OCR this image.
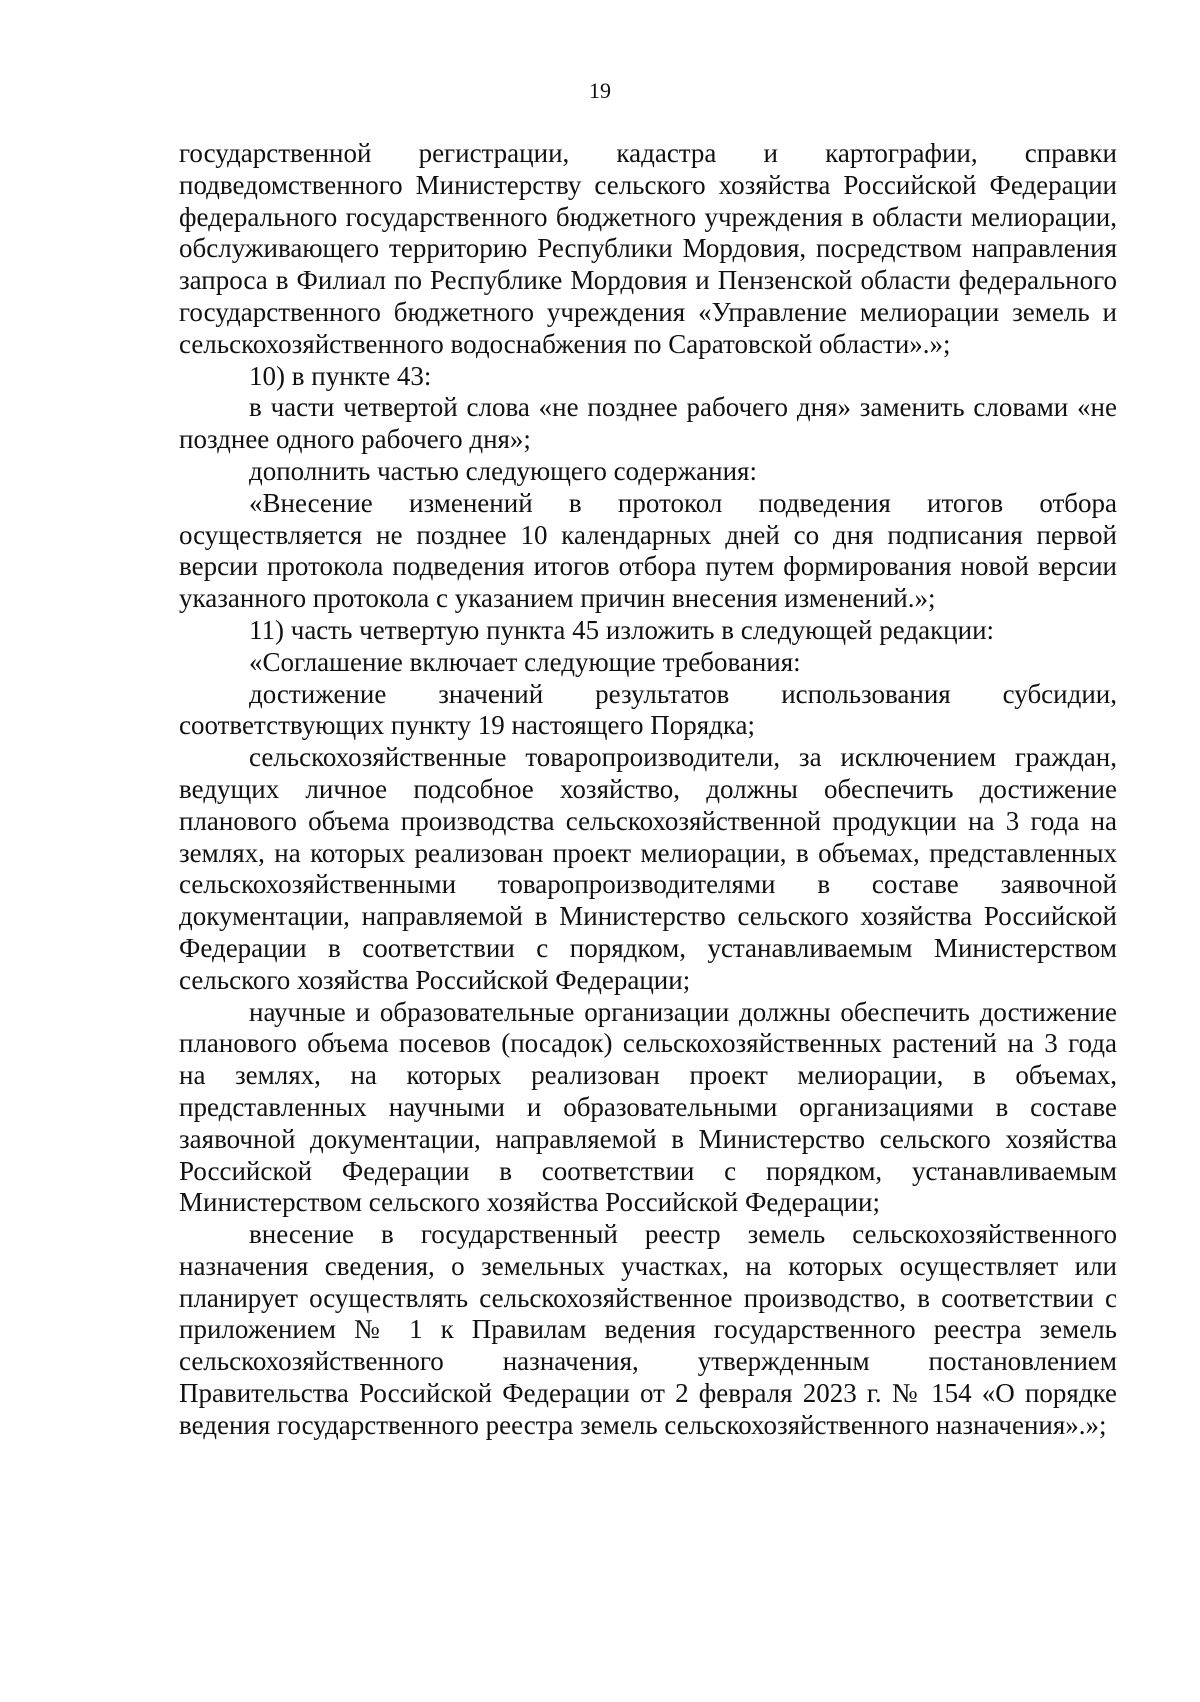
19

государственной регистрации, кадастра и картографии, справки подведомственного Министерству сельского хозяйства Российской Федерации федерального государственного бюджетного учреждения в области мелиорации, обслуживающего территорию Республики Мордовия, посредством направления запроса в Филиал по Республике Мордовия и Пензенской области федерального государственного бюджетного учреждения «Управление мелиорации земель и сельскохозяйственного водоснабжения по Саратовской области».»;

10) в пункте 43:

в части четвертой слова «не позднее рабочего дня» заменить словами «не позднее одного рабочего дня»;

дополнить частью следующего содержания:

«Внесение изменений в протокол подведения итогов отбора осуществляется не позднее 10 календарных дней со дня подписания первой версии протокола подведения итогов отбора путем формирования новой версии указанного протокола с указанием причин внесения изменений.»;

11) часть четвертую пункта 45 изложить в следующей редакции:

«Соглашение включает следующие требования:

достижение значений результатов использования субсидии, соответствующих пункту 19 настоящего Порядка;

сельскохозяйственные товаропроизводители, за исключением граждан, ведущих личное подсобное хозяйство, должны обеспечить достижение планового объема производства сельскохозяйственной продукции на 3 года на землях, на которых реализован проект мелиорации, в объемах, представленных сельскохозяйственными товаропроизводителями в составе заявочной документации, направляемой в Министерство сельского хозяйства Российской Федерации в соответствии с порядком, устанавливаемым Министерством сельского хозяйства Российской Федерации;

научные и образовательные организации должны обеспечить достижение планового объема посевов (посадок) сельскохозяйственных растений на 3 года на землях, на которых реализован проект мелиорации, в объемах, представленных научными и образовательными организациями в составе заявочной документации, направляемой в Министерство сельского хозяйства Российской Федерации в соответствии с порядком, устанавливаемым Министерством сельского хозяйства Российской Федерации;

внесение в государственный реестр земель сельскохозяйственного назначения сведения, о земельных участках, на которых осуществляет или планирует осуществлять сельскохозяйственное производство, в соответствии с приложением № 1 к Правилам ведения государственного реестра земель сельскохозяйственного назначения, утвержденным постановлением Правительства Российской Федерации от 2 февраля 2023 г. № 154 «О порядке ведения государственного реестра земель сельскохозяйственного назначения».»;
